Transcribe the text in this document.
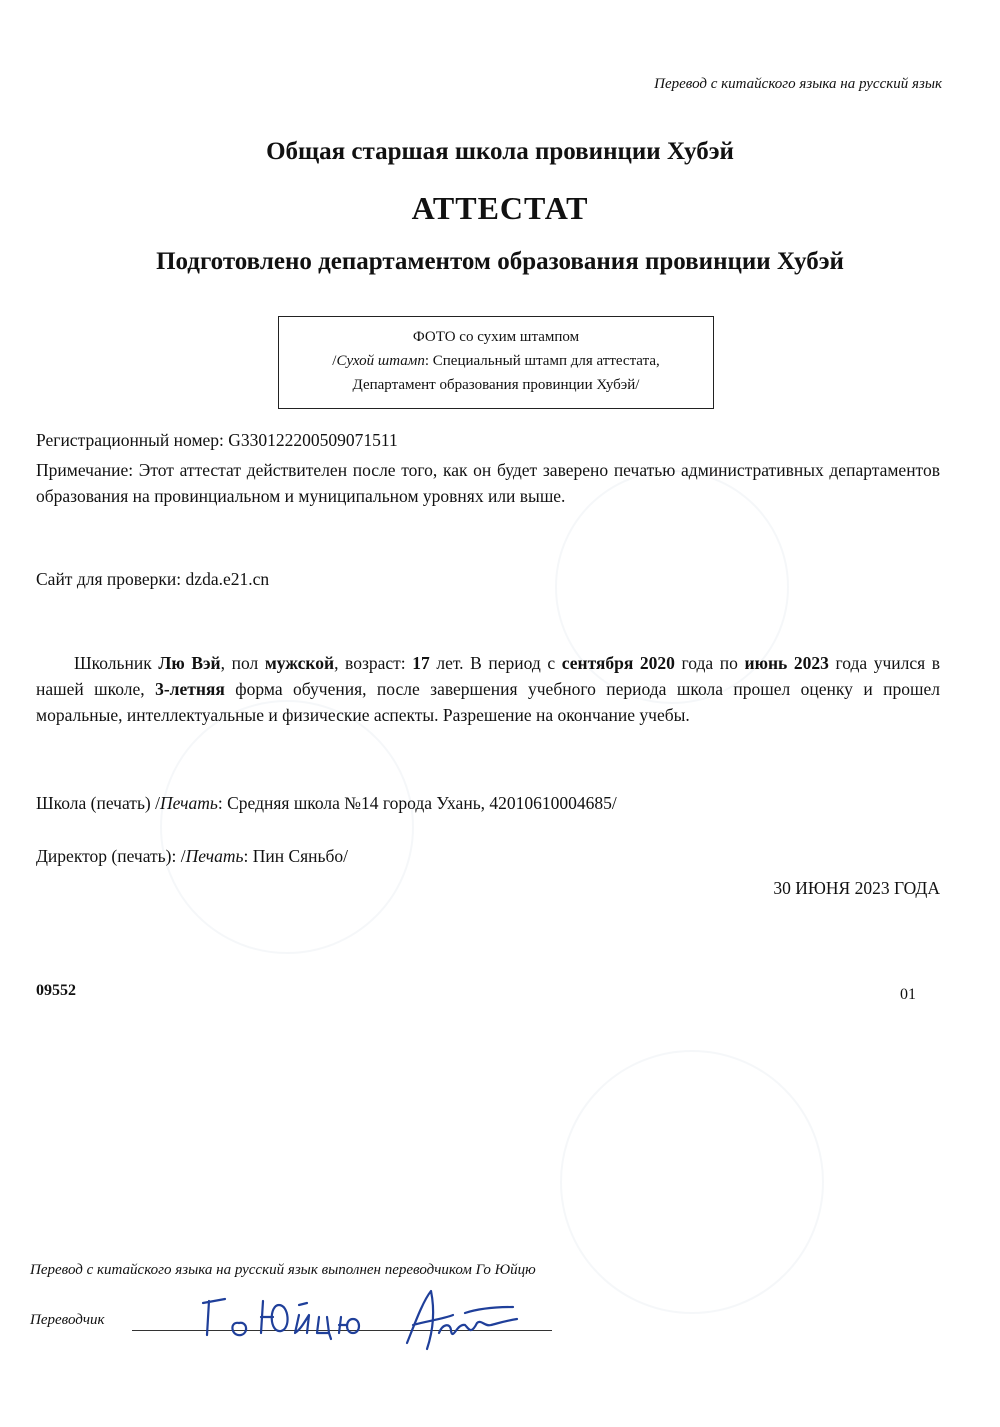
Перевод с китайского языка на русский язык
Общая старшая школа провинции Хубэй
АТТЕСТАТ
Подготовлено департаментом образования провинции Хубэй
ФОТО со сухим штампом
/Сухой штамп: Специальный штамп для аттестата,
Департамент образования провинции Хубэй/
Регистрационный номер: G330122200509071511
Примечание: Этот аттестат действителен после того, как он будет заверено печатью административных департаментов образования на провинциальном и муниципальном уровнях или выше.
Сайт для проверки: dzda.e21.cn
Школьник Лю Вэй, пол мужской, возраст: 17 лет. В период с сентября 2020 года по июнь 2023 года учился в нашей школе, 3-летняя форма обучения, после завершения учебного периода школа прошел оценку и прошел моральные, интеллектуальные и физические аспекты. Разрешение на окончание учебы.
Школа (печать) /Печать: Средняя школа №14 города Ухань, 42010610004685/
Директор (печать): /Печать: Пин Сяньбо/
30 ИЮНЯ 2023 ГОДА
09552	01
Перевод с китайского языка на русский язык выполнен переводчиком Го Юйцю
Переводчик
